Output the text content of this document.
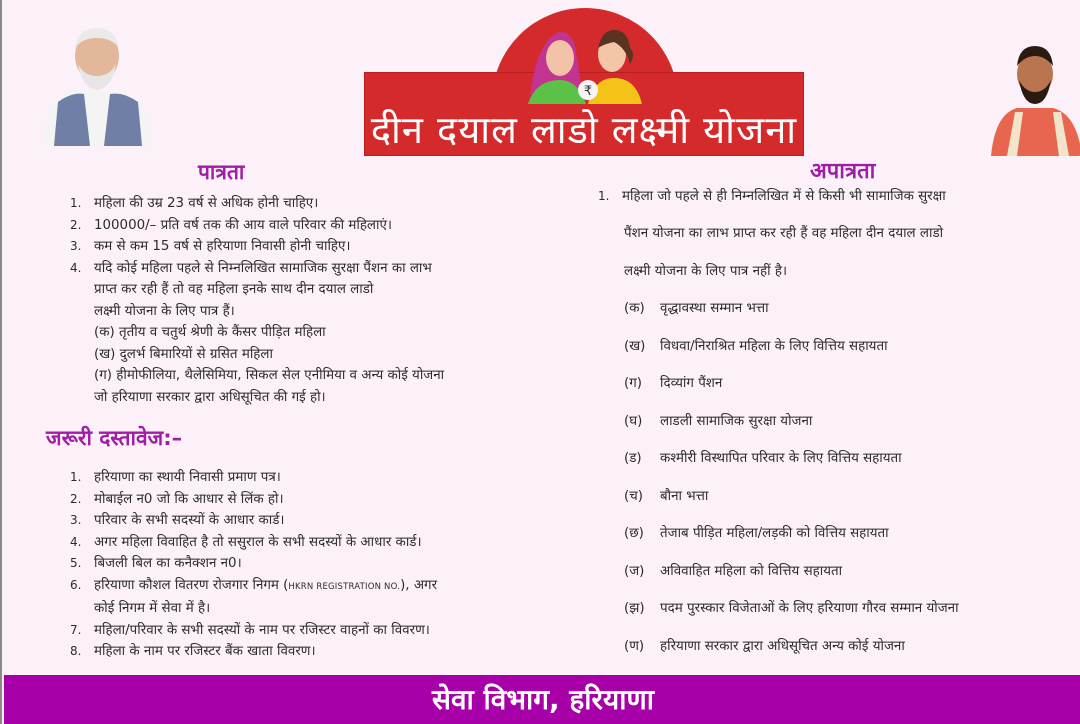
₹
दीन दयाल लाडो लक्ष्मी योजना
पात्रता
1. महिला की उम्र 23 वर्ष से अधिक होनी चाहिए।
2. 100000/– प्रति वर्ष तक की आय वाले परिवार की महिलाएं।
3. कम से कम 15 वर्ष से हरियाणा निवासी होनी चाहिए।
4. यदि कोई महिला पहले से निम्नलिखित सामाजिक सुरक्षा पैंशन का लाभ
प्राप्त कर रही हैं तो वह महिला इनके साथ दीन दयाल लाडो
लक्ष्मी योजना के लिए पात्र हैं।
(क) तृतीय व चतुर्थ श्रेणी के कैंसर पीड़ित महिला
(ख) दुलर्भ बिमारियों से ग्रसित महिला
(ग) हीमोफीलिया, थैलेसिमिया, सिकल सेल एनीमिया व अन्य कोई योजना
जो हरियाणा सरकार द्वारा अधिसूचित की गई हो।
जरूरी दस्तावेज:–
1. हरियाणा का स्थायी निवासी प्रमाण पत्र।
2. मोबाईल न0 जो कि आधार से लिंक हो।
3. परिवार के सभी सदस्यों के आधार कार्ड।
4. अगर महिला विवाहित है तो ससुराल के सभी सदस्यों के आधार कार्ड।
5. बिजली बिल का कनैक्शन न0।
6. हरियाणा कौशल वितरण रोजगार निगम (HKRN REGISTRATION NO.), अगर
कोई निगम में सेवा में है।
7. महिला/परिवार के सभी सदस्यों के नाम पर रजिस्टर वाहनों का विवरण।
8. महिला के नाम पर रजिस्टर बैंक खाता विवरण।
अपात्रता
1. महिला जो पहले से ही निम्नलिखित में से किसी भी सामाजिक सुरक्षा
पैंशन योजना का लाभ प्राप्त कर रही हैं वह महिला दीन दयाल लाडो
लक्ष्मी योजना के लिए पात्र नहीं है।
(क)	वृद्धावस्था सम्मान भत्ता
(ख)	विधवा/निराश्रित महिला के लिए वित्तिय सहायता
(ग)	दिव्यांग पैंशन
(घ)	लाडली सामाजिक सुरक्षा योजना
(ड)	कश्मीरी विस्थापित परिवार के लिए वित्तिय सहायता
(च)	बौना भत्ता
(छ)	तेजाब पीड़ित महिला/लड़की को वित्तिय सहायता
(ज)	अविवाहित महिला को वित्तिय सहायता
(झ)	पदम पुरस्कार विजेताओं के लिए हरियाणा गौरव सम्मान योजना
(ण)	हरियाणा सरकार द्वारा अधिसूचित अन्य कोई योजना
सेवा विभाग, हरियाणा
